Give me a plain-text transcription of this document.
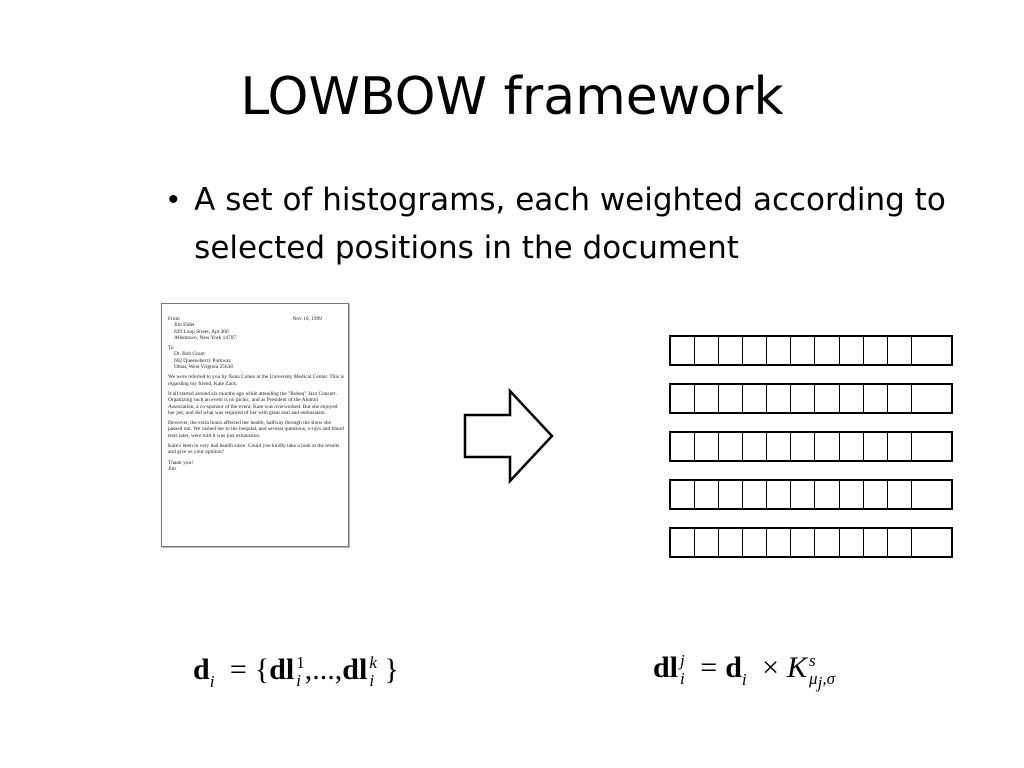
LOWBOW framework
• A set of histograms, each weighted according to selected positions in the document
From	Nov 10, 1999
Jim Elder
829 Loop Street, Apt 300
Allentown, New York 14707
To
Dr. Bob Grant
602 Queensberry Parkway
Omar, West Virginia 25638
We were referred to you by Xena Cohen at the University Medical Center. This is regarding my friend, Kate Zack.
It all started around six months ago while attending the "Rubeq" Jazz Concert. Organizing such an event is no picnic, and as President of the Alumni Association, a co-sponsor of the event, Kate was overworked. But she enjoyed her job, and did what was required of her with great zeal and enthusiasm.
However, the extra hours affected her health, halfway through the show she passed out. We rushed her to the hospital, and several questions, x-rays and blood tests later, were told it was just exhaustion.
Kate's been in very bad health since. Could you kindly take a look at the results and give us your opinion?
Thank you!
Jim
$d_i = \{dl$ 1
i ,...,dl k
i }	dl j
$i = d_i \times K$ s
μj,σ
